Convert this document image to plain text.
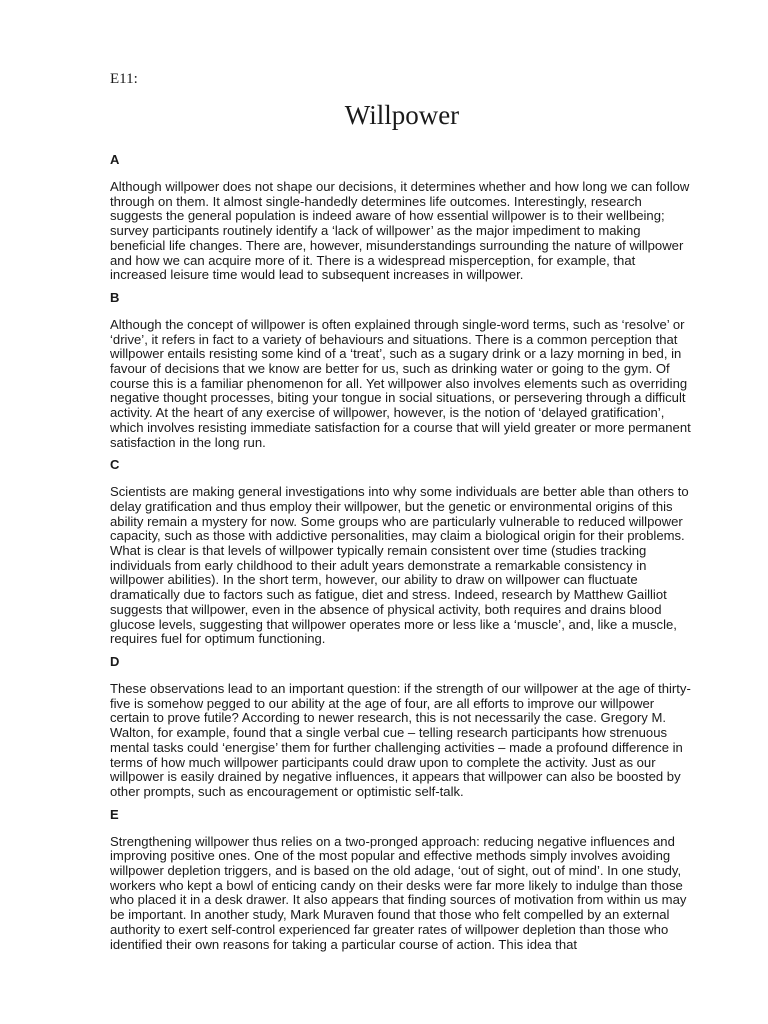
E11:
Willpower
A

Although willpower does not shape our decisions, it determines whether and how long we can follow through on them. It almost single-handedly determines life outcomes. Interestingly, research suggests the general population is indeed aware of how essential willpower is to their wellbeing; survey participants routinely identify a ‘lack of willpower’ as the major impediment to making beneficial life changes. There are, however, misunderstandings surrounding the nature of willpower and how we can acquire more of it. There is a widespread misperception, for example, that increased leisure time would lead to subsequent increases in willpower.

B

Although the concept of willpower is often explained through single-word terms, such as ‘resolve’ or ‘drive’, it refers in fact to a variety of behaviours and situations. There is a common perception that willpower entails resisting some kind of a ‘treat’, such as a sugary drink or a lazy morning in bed, in favour of decisions that we know are better for us, such as drinking water or going to the gym. Of course this is a familiar phenomenon for all. Yet willpower also involves elements such as overriding negative thought processes, biting your tongue in social situations, or persevering through a difficult activity. At the heart of any exercise of willpower, however, is the notion of ‘delayed gratification’, which involves resisting immediate satisfaction for a course that will yield greater or more permanent satisfaction in the long run.

C

Scientists are making general investigations into why some individuals are better able than others to delay gratification and thus employ their willpower, but the genetic or environmental origins of this ability remain a mystery for now. Some groups who are particularly vulnerable to reduced willpower capacity, such as those with addictive personalities, may claim a biological origin for their problems. What is clear is that levels of willpower typically remain consistent over time (studies tracking individuals from early childhood to their adult years demonstrate a remarkable consistency in willpower abilities). In the short term, however, our ability to draw on willpower can fluctuate dramatically due to factors such as fatigue, diet and stress. Indeed, research by Matthew Gailliot suggests that willpower, even in the absence of physical activity, both requires and drains blood glucose levels, suggesting that willpower operates more or less like a ‘muscle’, and, like a muscle, requires fuel for optimum functioning.

D

These observations lead to an important question: if the strength of our willpower at the age of thirty-five is somehow pegged to our ability at the age of four, are all efforts to improve our willpower certain to prove futile? According to newer research, this is not necessarily the case. Gregory M. Walton, for example, found that a single verbal cue – telling research participants how strenuous mental tasks could ‘energise’ them for further challenging activities – made a profound difference in terms of how much willpower participants could draw upon to complete the activity. Just as our willpower is easily drained by negative influences, it appears that willpower can also be boosted by other prompts, such as encouragement or optimistic self-talk.

E

Strengthening willpower thus relies on a two-pronged approach: reducing negative influences and improving positive ones. One of the most popular and effective methods simply involves avoiding willpower depletion triggers, and is based on the old adage, ‘out of sight, out of mind’. In one study, workers who kept a bowl of enticing candy on their desks were far more likely to indulge than those who placed it in a desk drawer. It also appears that finding sources of motivation from within us may be important. In another study, Mark Muraven found that those who felt compelled by an external authority to exert self-control experienced far greater rates of willpower depletion than those who identified their own reasons for taking a particular course of action. This idea that
